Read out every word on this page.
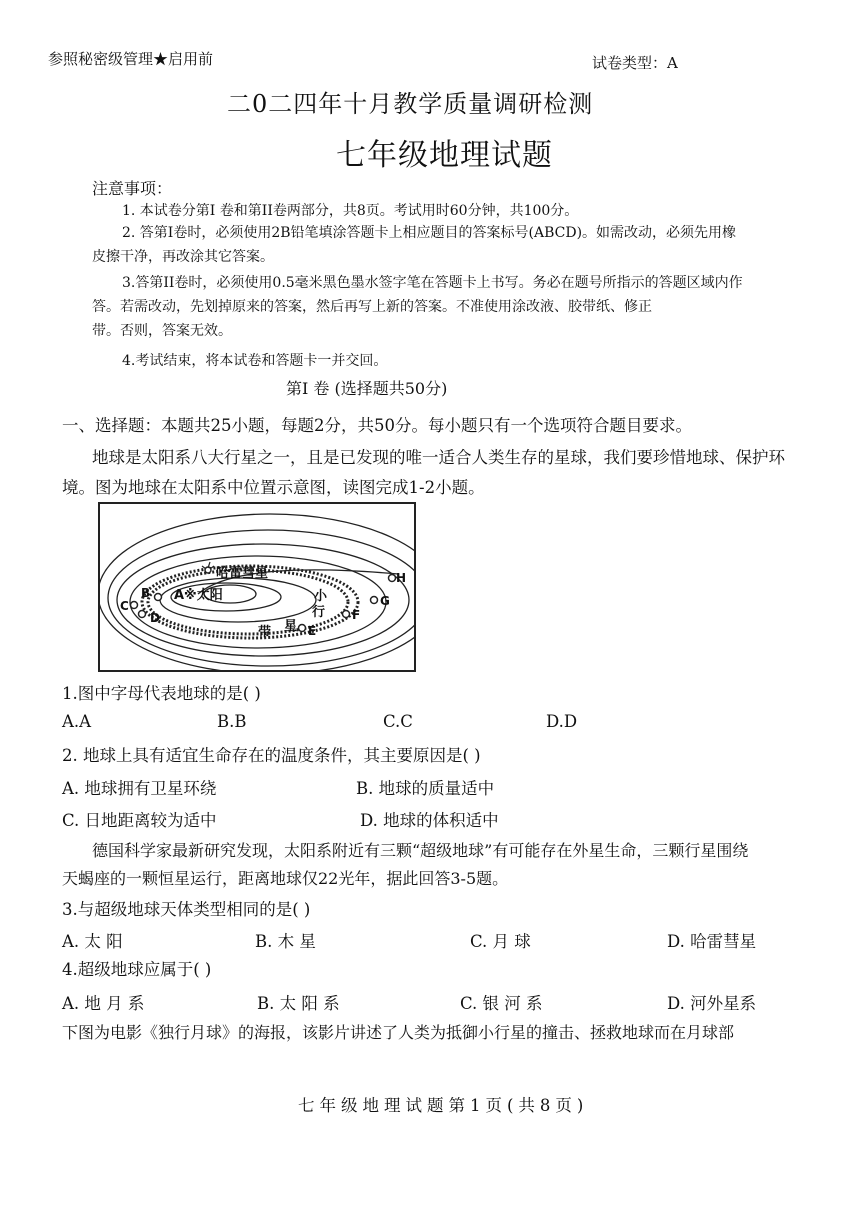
参照秘密级管理★启用前	试卷类型：A
二0二四年十月教学质量调研检测
七年级地理试题
注意事项：
1. 本试卷分第I 卷和第II卷两部分，共8页。考试用时60分钟，共100分。
2. 答第I卷时，必须使用2B铅笔填涂答题卡上相应题目的答案标号(ABCD)。如需改动，必须先用橡
皮擦干净，再改涂其它答案。
3.答第II卷时，必须使用0.5毫米黑色墨水签字笔在答题卡上书写。务必在题号所指示的答题区域内作
答。若需改动，先划掉原来的答案，然后再写上新的答案。不准使用涂改液、胶带纸、修正
带。否则，答案无效。
4.考试结束，将本试卷和答题卡一并交回。
第I 卷 (选择题共50分)
一、选择题：本题共25小题，每题2分，共50分。每小题只有一个选项符合题目要求。
地球是太阳系八大行星之一，且是已发现的唯一适合人类生存的星球，我们要珍惜地球、保护环
境。图为地球在太阳系中位置示意图，读图完成1-2小题。
哈雷彗星
A※太阳
B
C
D
E
F
G
H
小
行
星
带
1.图中字母代表地球的是( )
A.A	B.B	C.C	D.D
2. 地球上具有适宜生命存在的温度条件，其主要原因是( )
A. 地球拥有卫星环绕	B. 地球的质量适中
C. 日地距离较为适中	D. 地球的体积适中
德国科学家最新研究发现，太阳系附近有三颗“超级地球”有可能存在外星生命，三颗行星围绕
天蝎座的一颗恒星运行，距离地球仅22光年，据此回答3-5题。
3.与超级地球天体类型相同的是( )
A. 太 阳	B. 木 星	C. 月 球	D. 哈雷彗星
4.超级地球应属于( )
A. 地 月 系	B. 太 阳 系	C. 银 河 系	D. 河外星系
下图为电影《独行月球》的海报，该影片讲述了人类为抵御小行星的撞击、拯救地球而在月球部
七年级地理试题第1页(共8页)
